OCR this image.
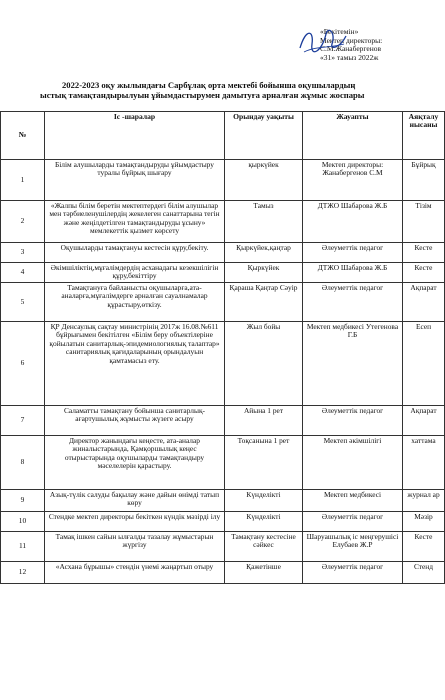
«Бекітемін»
Мектеп директоры:
С.М.Жанабергенов
«31» тамыз 2022ж
2022-2023 оқу жылындағы Сарбұлақ орта мектебі бойынша оқушылардың
ыстық тамақтандырылуын ұйымдастырумен дамытуға арналған жұмыс жоспары
№	Іс -шаралар	Орындау уақыты	Жауапты	Аяқталу нысаны
1	Білім алушыларды тамақтандыруды ұйымдастыру туралы бұйрық шығару	қыркүйек	Мектеп директоры: Жанабергенов С.М	Бұйрық
2	«Жалпы білім беретін мектептердегі білім алушылар мен тәрбиеленушілердің жекелеген санаттарына тегін және жеңілдетілген тамақтандыруды ұсыну» мемлекеттік қызмет көрсету	Тамыз	ДТЖО Шабарова Ж.Б	Тізім
3	Оқушыларды тамақтануы кестесін құру,бекіту.	Қыркүйек,қаңтар	Әлеуметтік педагог	Кесте
4	Әкімшіліктің,мұғалімдердің асханадағы кезекшілігін құру,бекіттіру	Қыркүйек	ДТЖО Шабарова Ж.Б	Кесте
5	Тамақтануға байланысты оқушыларға,ата-аналарға,мұғалімдерге арналған сауалнамалар құрастыру,өткізу.	Қараша Қаңтар Сәуір	Әлеуметтік педагог	Ақпарат
6	ҚР Денсаулық сақтау министрінің 2017ж 16.08.№611 бұйрығымен бекітілген «Білім беру объектілеріне қойылатын санитарлық-эпидемиологиялық талаптар» санитариялық қағидаларының орындалуын қамтамасыз ету.	Жыл бойы	Мектеп медбикесі Утегенова Г.Б	Есеп
7	Саламатты тамақтану бойынша санитарлық-ағартушылық жұмысты жүзеге асыру	Айына 1 рет	Әлеуметтік педагог	Ақпарат
8	Директор жанындағы кеңесте, ата-аналар жиналыстарында, Қамқоршылық кеңес отырыстарында оқушыларды тамақтандыру мәселелерін қарастыру.	Тоқсанына 1 рет	Мектеп әкімшілігі	хаттама
9	Азық-түлік салуды бақылау және дайын өнімді татып көру	Күнделікті	Мектеп медбикесі	журнал ар
10	Стендке мектеп директоры бекіткен күндік мәзірді ілу	Күнделікті	Әлеуметтік педагог	Мәзір
11	Тамақ ішкен сайын ылғалды тазалау жұмыстарын жүргізу	Тамақтану кестесіне сәйкес	Шаруашылық іс меңгерушісі Елубаев Ж.Р	Кесте
12	«Асхана бұрышы» стендін үнемі жаңартып отыру	Қажетінше	Әлеуметтік педагог	Стенд
